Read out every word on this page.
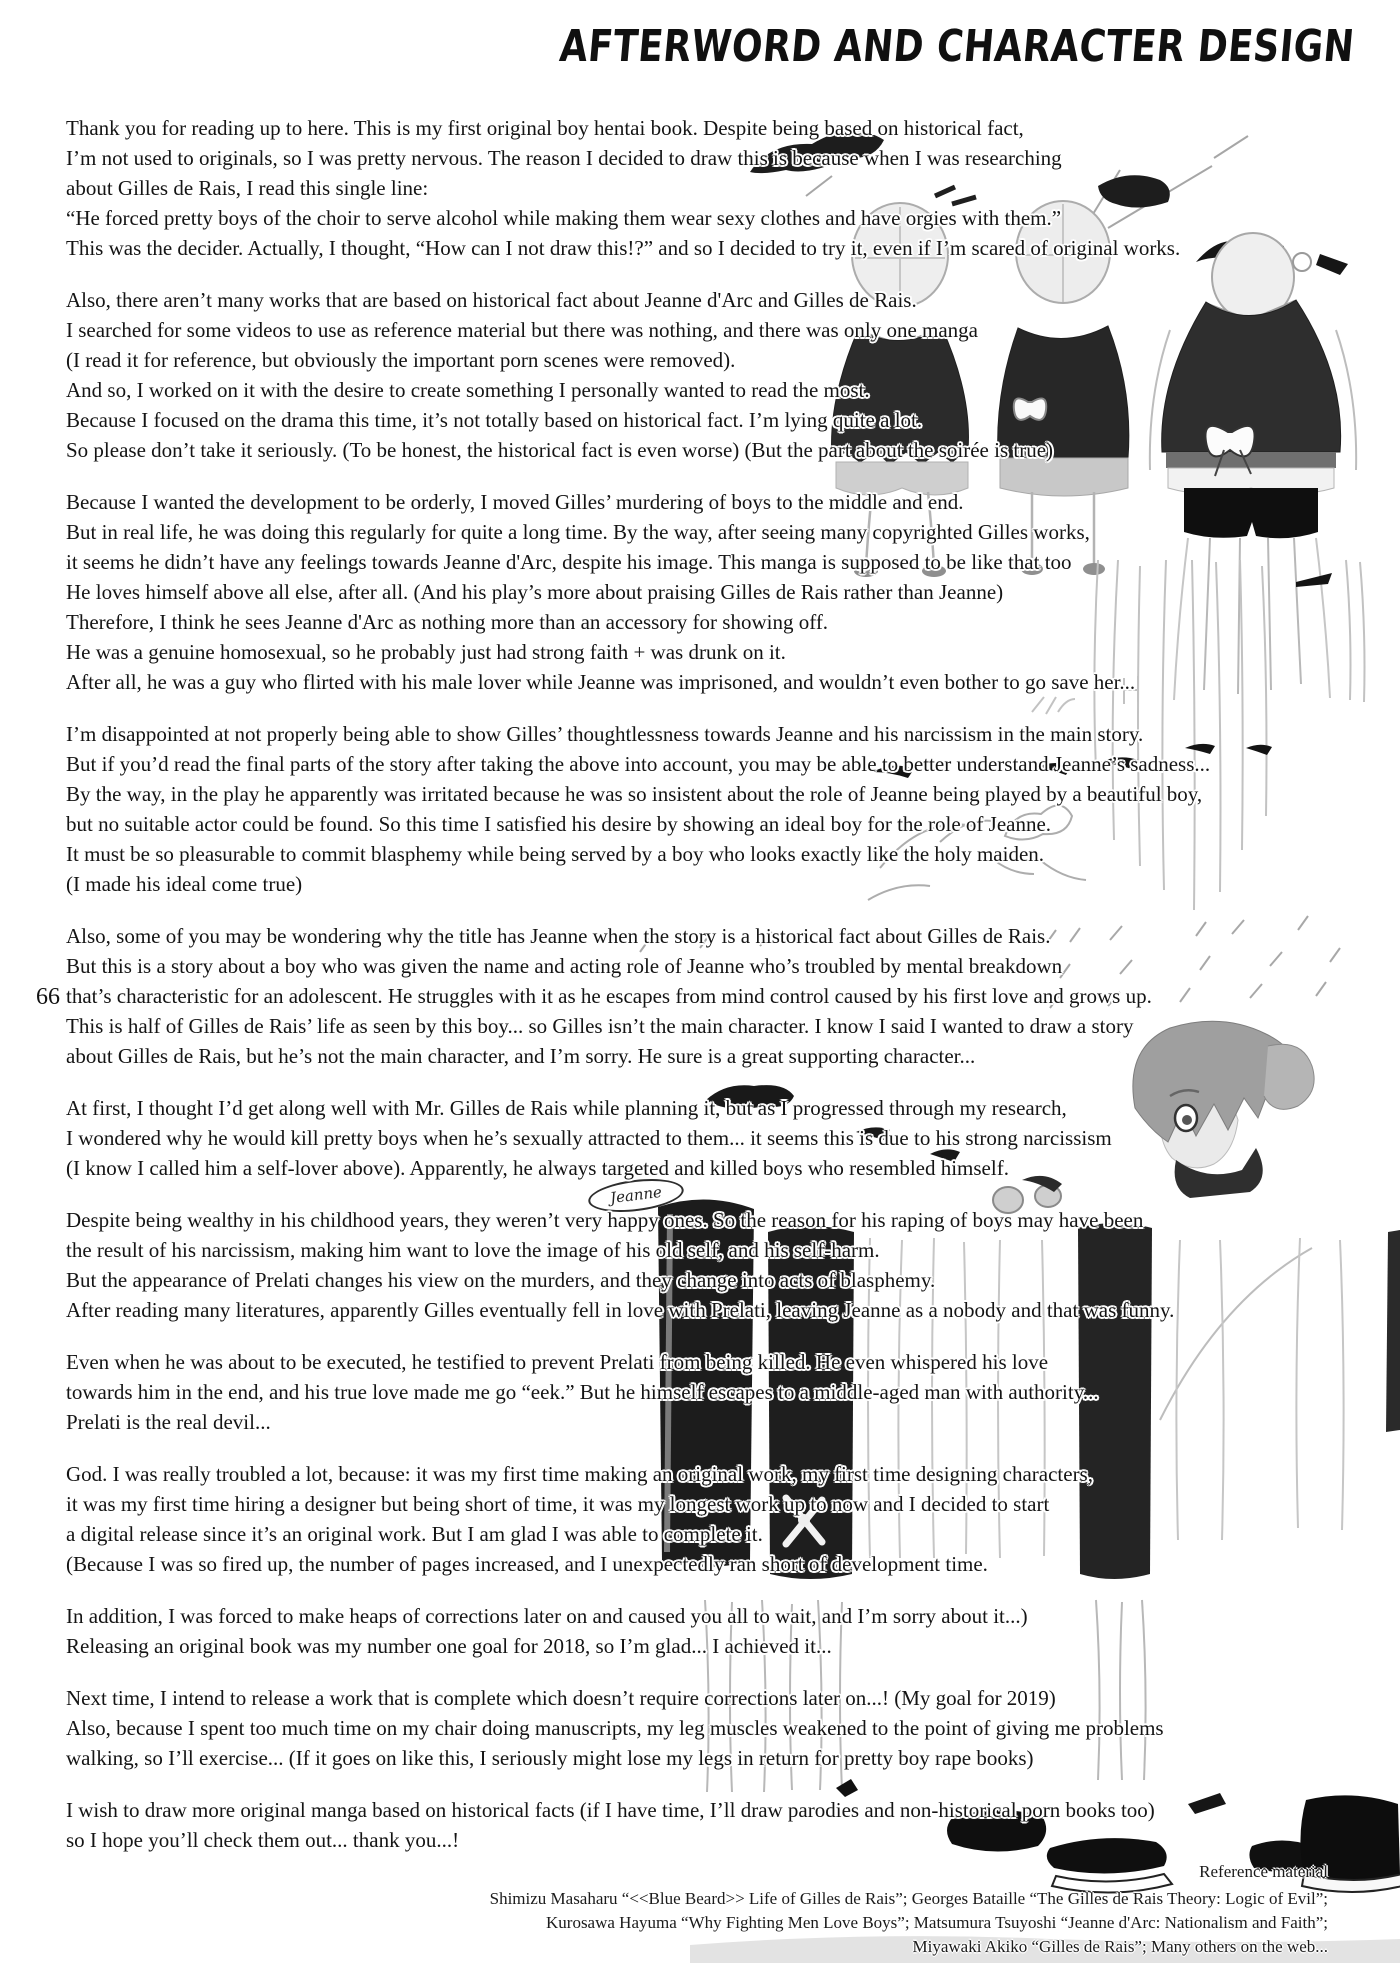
Jeanne
AFTERWORD AND CHARACTER DESIGN
66
Thank you for reading up to here. This is my first original boy hentai book. Despite being based on historical fact,
I’m not used to originals, so I was pretty nervous. The reason I decided to draw this is because when I was researching
about Gilles de Rais, I read this single line:
“He forced pretty boys of the choir to serve alcohol while making them wear sexy clothes and have orgies with them.”
This was the decider. Actually, I thought, “How can I not draw this!?” and so I decided to try it, even if I’m scared of original works.
Also, there aren’t many works that are based on historical fact about Jeanne d'Arc and Gilles de Rais.
I searched for some videos to use as reference material but there was nothing, and there was only one manga
(I read it for reference, but obviously the important porn scenes were removed).
And so, I worked on it with the desire to create something I personally wanted to read the most.
Because I focused on the drama this time, it’s not totally based on historical fact. I’m lying quite a lot.
So please don’t take it seriously. (To be honest, the historical fact is even worse) (But the part about the soirée is true)
Because I wanted the development to be orderly, I moved Gilles’ murdering of boys to the middle and end.
But in real life, he was doing this regularly for quite a long time. By the way, after seeing many copyrighted Gilles works,
it seems he didn’t have any feelings towards Jeanne d'Arc, despite his image. This manga is supposed to be like that too
He loves himself above all else, after all. (And his play’s more about praising Gilles de Rais rather than Jeanne)
Therefore, I think he sees Jeanne d'Arc as nothing more than an accessory for showing off.
He was a genuine homosexual, so he probably just had strong faith + was drunk on it.
After all, he was a guy who flirted with his male lover while Jeanne was imprisoned, and wouldn’t even bother to go save her...
I’m disappointed at not properly being able to show Gilles’ thoughtlessness towards Jeanne and his narcissism in the main story.
But if you’d read the final parts of the story after taking the above into account, you may be able to better understand Jeanne’s sadness...
By the way, in the play he apparently was irritated because he was so insistent about the role of Jeanne being played by a beautiful boy,
but no suitable actor could be found. So this time I satisfied his desire by showing an ideal boy for the role of Jeanne.
It must be so pleasurable to commit blasphemy while being served by a boy who looks exactly like the holy maiden.
(I made his ideal come true)
Also, some of you may be wondering why the title has Jeanne when the story is a historical fact about Gilles de Rais.
But this is a story about a boy who was given the name and acting role of Jeanne who’s troubled by mental breakdown
that’s characteristic for an adolescent. He struggles with it as he escapes from mind control caused by his first love and grows up.
This is half of Gilles de Rais’ life as seen by this boy... so Gilles isn’t the main character. I know I said I wanted to draw a story
about Gilles de Rais, but he’s not the main character, and I’m sorry. He sure is a great supporting character...
At first, I thought I’d get along well with Mr. Gilles de Rais while planning it, but as I progressed through my research,
I wondered why he would kill pretty boys when he’s sexually attracted to them... it seems this is due to his strong narcissism
(I know I called him a self-lover above). Apparently, he always targeted and killed boys who resembled himself.
Despite being wealthy in his childhood years, they weren’t very happy ones. So the reason for his raping of boys may have been
the result of his narcissism, making him want to love the image of his old self, and his self-harm.
But the appearance of Prelati changes his view on the murders, and they change into acts of blasphemy.
After reading many literatures, apparently Gilles eventually fell in love with Prelati, leaving Jeanne as a nobody and that was funny.
Even when he was about to be executed, he testified to prevent Prelati from being killed. He even whispered his love
towards him in the end, and his true love made me go “eek.” But he himself escapes to a middle-aged man with authority...
Prelati is the real devil...
God. I was really troubled a lot, because: it was my first time making an original work, my first time designing characters,
it was my first time hiring a designer but being short of time, it was my longest work up to now and I decided to start
a digital release since it’s an original work. But I am glad I was able to complete it.
(Because I was so fired up, the number of pages increased, and I unexpectedly ran short of development time.
In addition, I was forced to make heaps of corrections later on and caused you all to wait, and I’m sorry about it...)
Releasing an original book was my number one goal for 2018, so I’m glad... I achieved it...
Next time, I intend to release a work that is complete which doesn’t require corrections later on...! (My goal for 2019)
Also, because I spent too much time on my chair doing manuscripts, my leg muscles weakened to the point of giving me problems
walking, so I’ll exercise... (If it goes on like this, I seriously might lose my legs in return for pretty boy rape books)
I wish to draw more original manga based on historical facts (if I have time, I’ll draw parodies and non-historical porn books too)
so I hope you’ll check them out... thank you...!
Reference material
Shimizu Masaharu “<<Blue Beard>> Life of Gilles de Rais”; Georges Bataille “The Gilles de Rais Theory: Logic of Evil”;
Kurosawa Hayuma “Why Fighting Men Love Boys”; Matsumura Tsuyoshi “Jeanne d'Arc: Nationalism and Faith”;
Miyawaki Akiko “Gilles de Rais”; Many others on the web...
